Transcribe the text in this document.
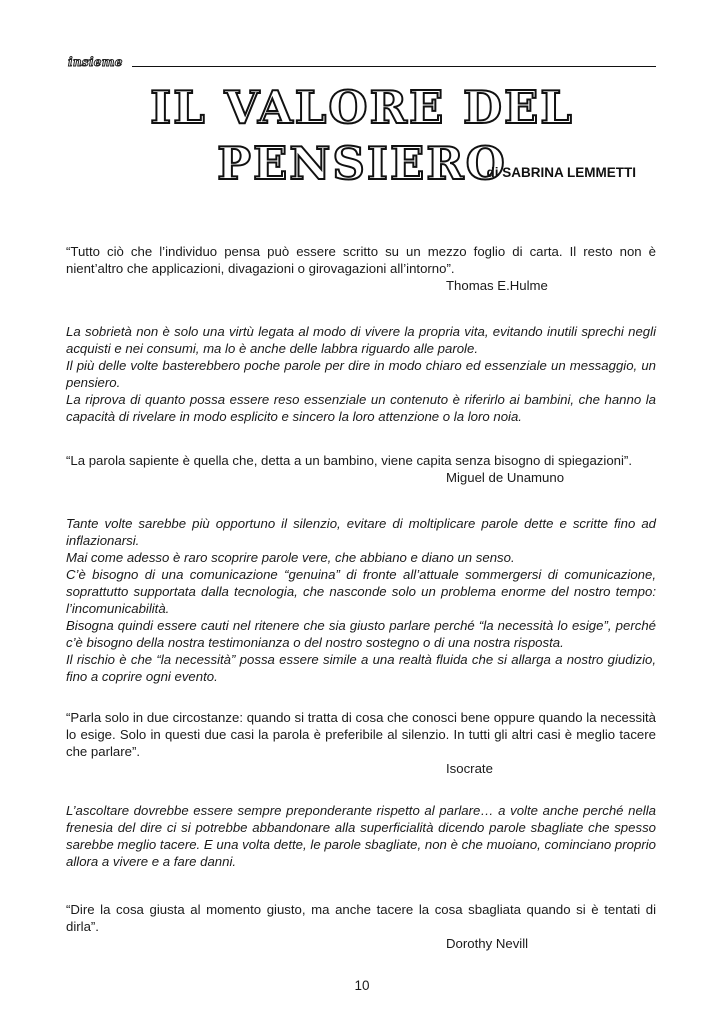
insieme
IL VALORE DEL PENSIERO
di SABRINA LEMMETTI

“Tutto ciò che l’individuo pensa può essere scritto su un mezzo foglio di carta. Il resto non è nient’altro che applicazioni, divagazioni o girovagazioni all’intorno”.

Thomas E.Hulme

La sobrietà non è solo una virtù legata al modo di vivere la propria vita, evitando inutili sprechi negli acquisti e nei consumi, ma lo è anche delle labbra riguardo alle parole.

Il più delle volte basterebbero poche parole per dire in modo chiaro ed essenziale un messaggio, un pensiero.

La riprova di quanto possa essere reso essenziale un contenuto è riferirlo ai bambini, che hanno la capacità di rivelare in modo esplicito e sincero la loro attenzione o la loro noia.

“La parola sapiente è quella che, detta a un bambino, viene capita senza bisogno di spiegazioni”.

Miguel de Unamuno

Tante volte sarebbe più opportuno il silenzio, evitare di moltiplicare parole dette e scritte fino ad inflazionarsi.

Mai come adesso è raro scoprire parole vere, che abbiano e diano un senso.

C’è bisogno di una comunicazione “genuina” di fronte all’attuale sommergersi di comunicazione, soprattutto supportata dalla tecnologia, che nasconde solo un problema enorme del nostro tempo: l’incomunicabilità.

Bisogna quindi essere cauti nel ritenere che sia giusto parlare perché “la necessità lo esige”, perché c’è bisogno della nostra testimonianza o del nostro sostegno o di una nostra risposta.

Il rischio è che “la necessità” possa essere simile a una realtà fluida che si allarga a nostro giudizio, fino a coprire ogni evento.

“Parla solo in due circostanze: quando si tratta di cosa che conosci bene oppure quando la necessità lo esige. Solo in questi due casi la parola è preferibile al silenzio. In tutti gli altri casi è meglio tacere che parlare”.

Isocrate

L’ascoltare dovrebbe essere sempre preponderante rispetto al parlare… a volte anche perché nella frenesia del dire ci si potrebbe abbandonare alla superficialità dicendo parole sbagliate che spesso sarebbe meglio tacere. E una volta dette, le parole sbagliate, non è che muoiano, cominciano proprio allora a vivere e a fare danni.

“Dire la cosa giusta al momento giusto, ma anche tacere la cosa sbagliata quando si è tentati di dirla”.

Dorothy Nevill

10
